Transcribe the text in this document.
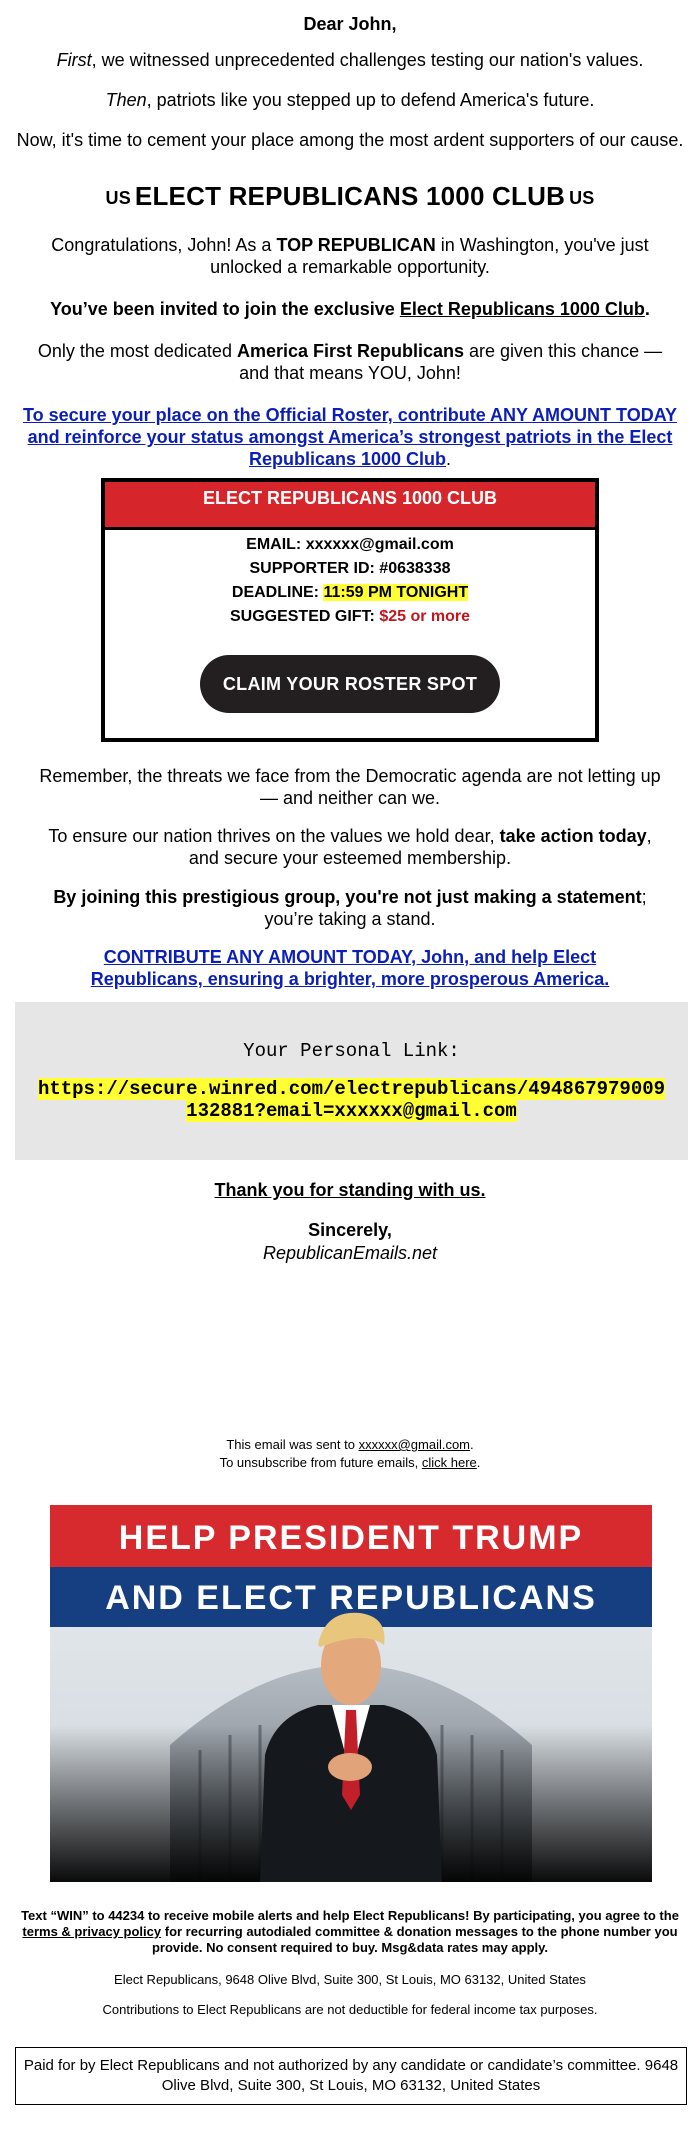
Dear John,

First, we witnessed unprecedented challenges testing our nation's values.

Then, patriots like you stepped up to defend America's future.

Now, it's time to cement your place among the most ardent supporters of our cause.

US ELECT REPUBLICANS 1000 CLUB US

Congratulations, John! As a TOP REPUBLICAN in Washington, you've just unlocked a remarkable opportunity.

You’ve been invited to join the exclusive Elect Republicans 1000 Club.

Only the most dedicated America First Republicans are given this chance — and that means YOU, John!

To secure your place on the Official Roster, contribute ANY AMOUNT TODAY and reinforce your status amongst America’s strongest patriots in the Elect Republicans 1000 Club.

ELECT REPUBLICANS 1000 CLUB
EMAIL: xxxxxx@gmail.com
SUPPORTER ID: #0638338
DEADLINE: 11:59 PM TONIGHT
SUGGESTED GIFT: $25 or more
CLAIM YOUR ROSTER SPOT

Remember, the threats we face from the Democratic agenda are not letting up — and neither can we.

To ensure our nation thrives on the values we hold dear, take action today, and secure your esteemed membership.

By joining this prestigious group, you're not just making a statement; you’re taking a stand.

CONTRIBUTE ANY AMOUNT TODAY, John, and help Elect Republicans, ensuring a brighter, more prosperous America.

Your Personal Link:

https://secure.winred.com/electrepublicans/494867979009132881?email=xxxxxx@gmail.com

Thank you for standing with us.

Sincerely,

RepublicanEmails.net

This email was sent to xxxxxx@gmail.com.

To unsubscribe from future emails, click here.

HELP PRESIDENT TRUMP
AND ELECT REPUBLICANS

Text “WIN” to 44234 to receive mobile alerts and help Elect Republicans! By participating, you agree to the terms & privacy policy for recurring autodialed committee & donation messages to the phone number you provide. No consent required to buy. Msg&data rates may apply.

Elect Republicans, 9648 Olive Blvd, Suite 300, St Louis, MO 63132, United States

Contributions to Elect Republicans are not deductible for federal income tax purposes.

Paid for by Elect Republicans and not authorized by any candidate or candidate’s committee. 9648 Olive Blvd, Suite 300, St Louis, MO 63132, United States
